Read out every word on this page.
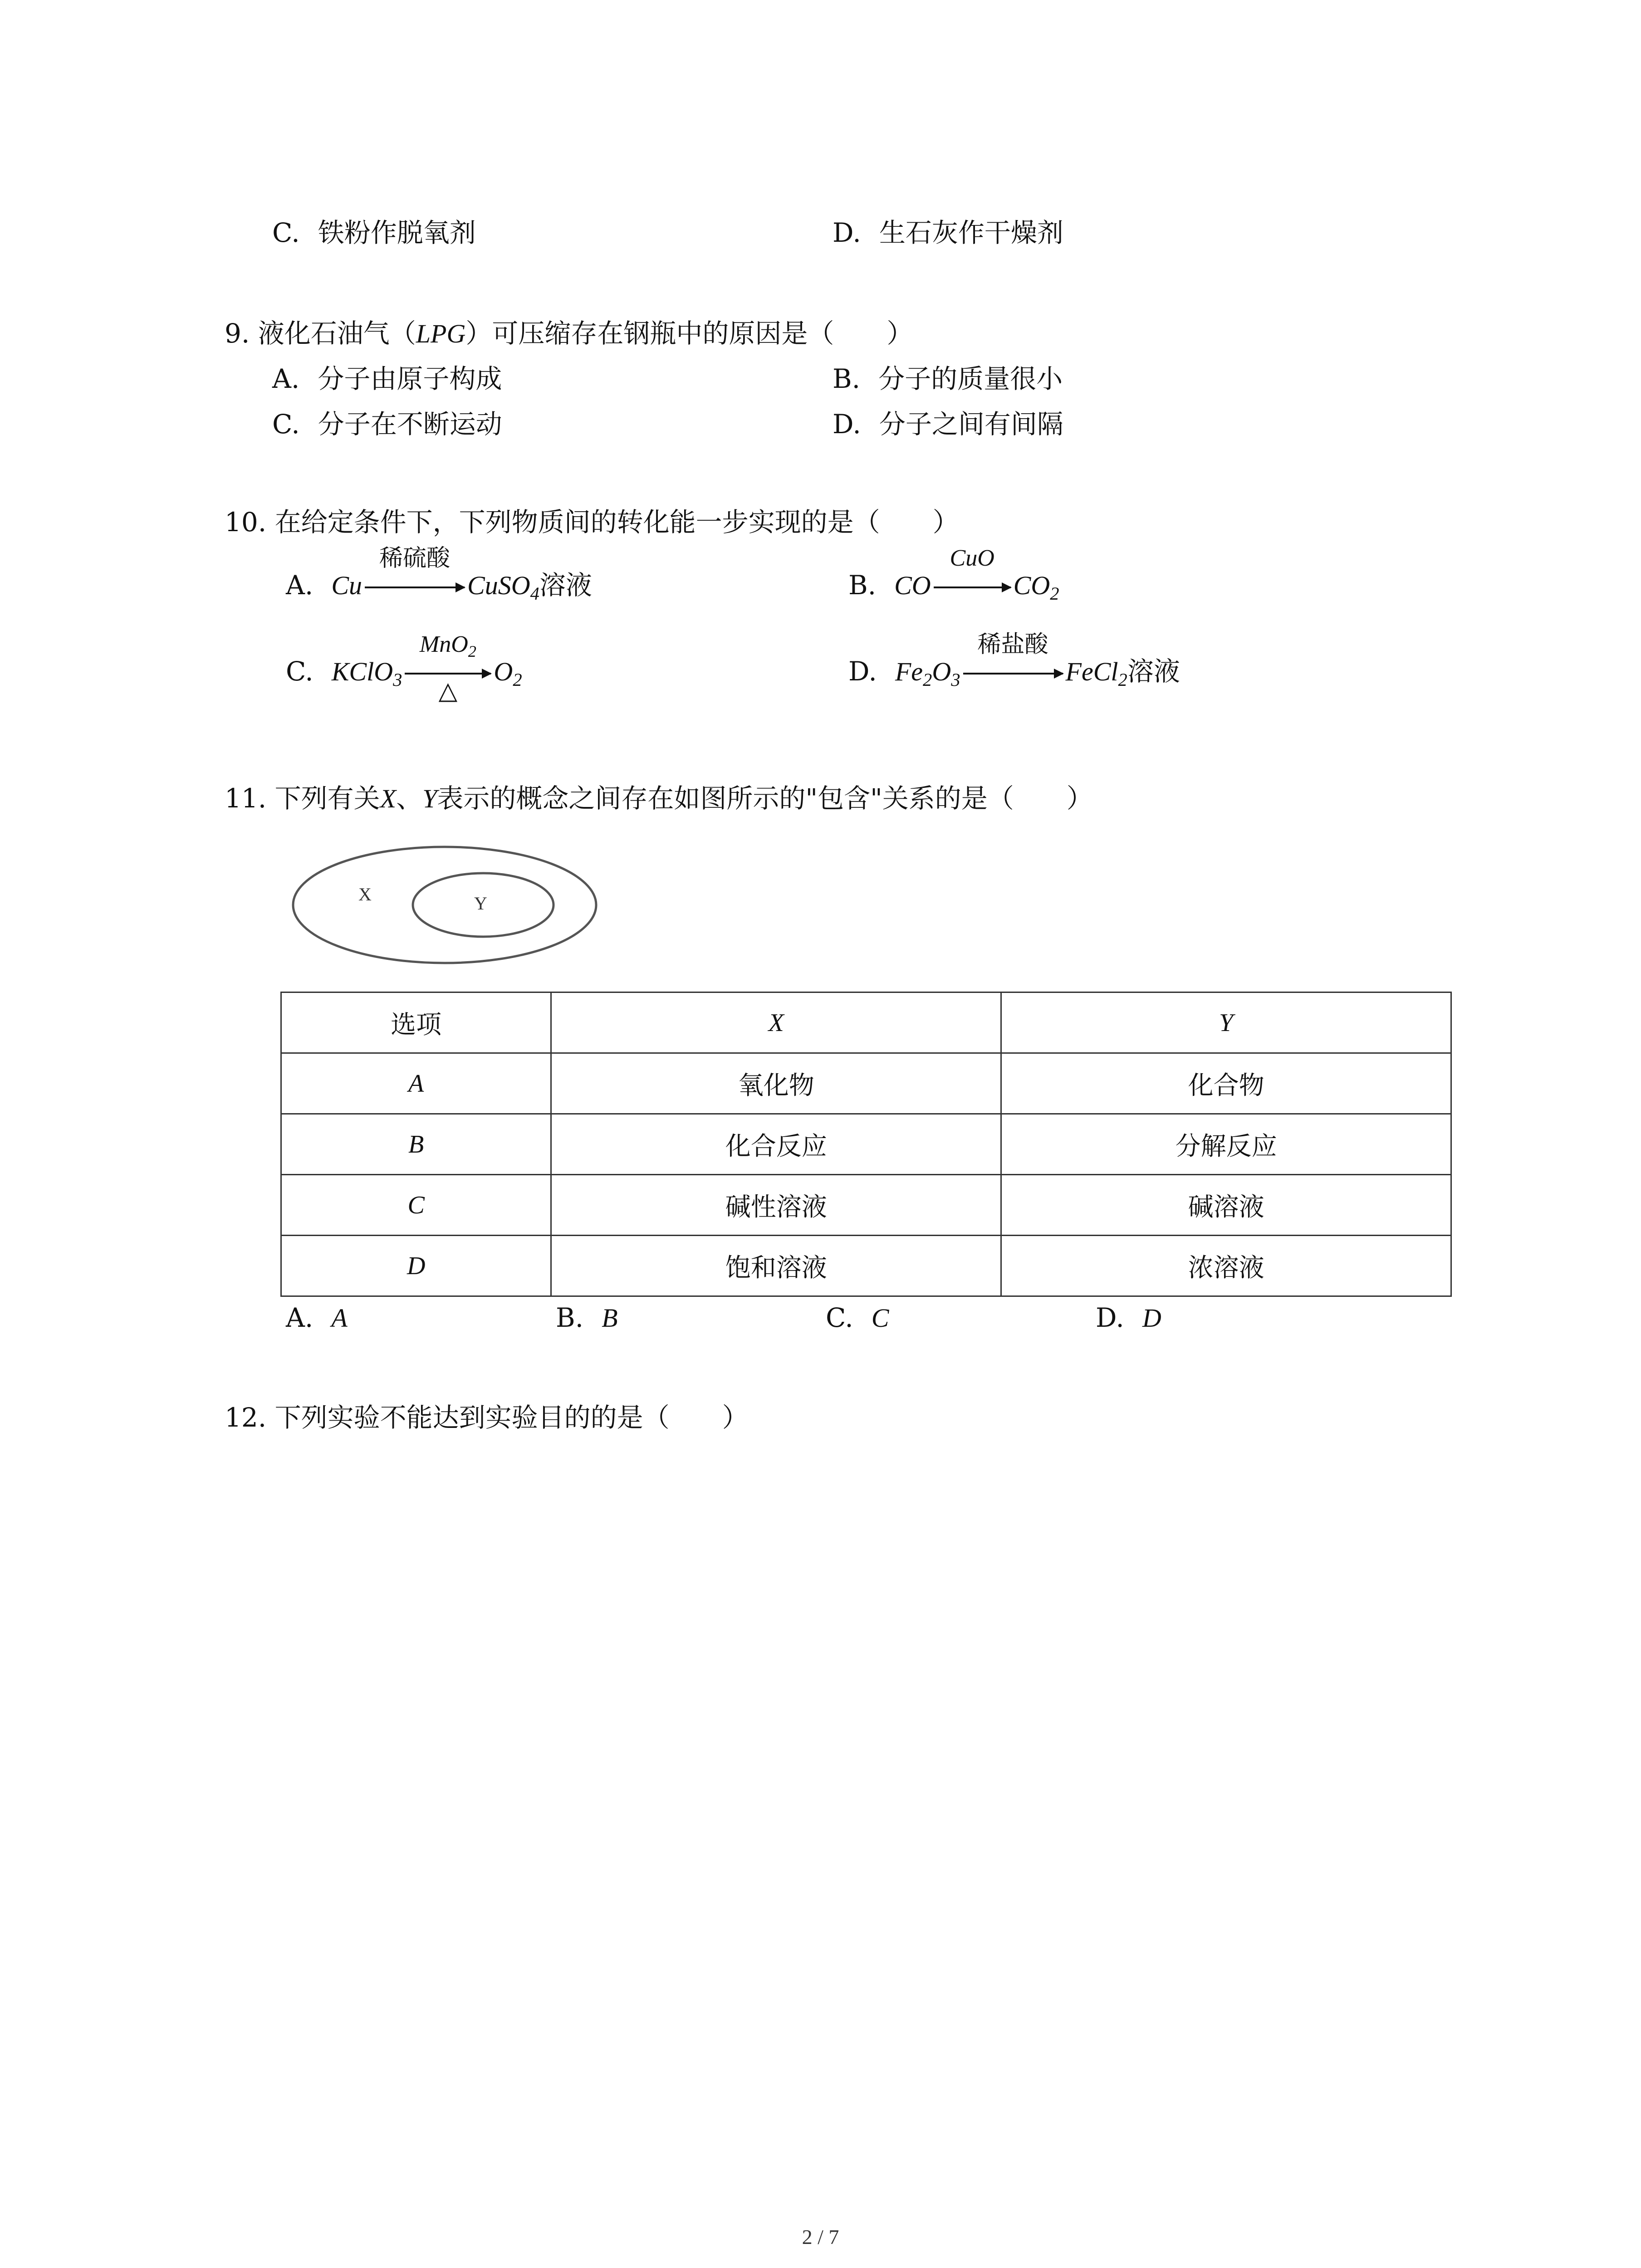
C. 铁粉作脱氧剂	D. 生石灰作干燥剂
9. 液化石油气（LPG）可压缩存在钢瓶中的原因是（　　）
A. 分子由原子构成	B. 分子的质量很小
C. 分子在不断运动	D. 分子之间有间隔
10. 在给定条件下，下列物质间的转化能一步实现的是（　　）
A. Cu
稀硫酸
CuSO$_4$溶液	B. CO
CuO
$CO_2$
C. KClO$_3$
MnO$_2$
△
$O_2$	D. $Fe_2O_3$
稀盐酸
FeCl$_2$溶液
11. 下列有关X、Y表示的概念之间存在如图所示的"包含"关系的是（　　）
X	Y
选项	X	Y
A	氧化物	化合物
B	化合反应	分解反应
C	碱性溶液	碱溶液
D	饱和溶液	浓溶液
A. A	B. B	C. C	D. D
12. 下列实验不能达到实验目的的是（　　）
2 / 7
